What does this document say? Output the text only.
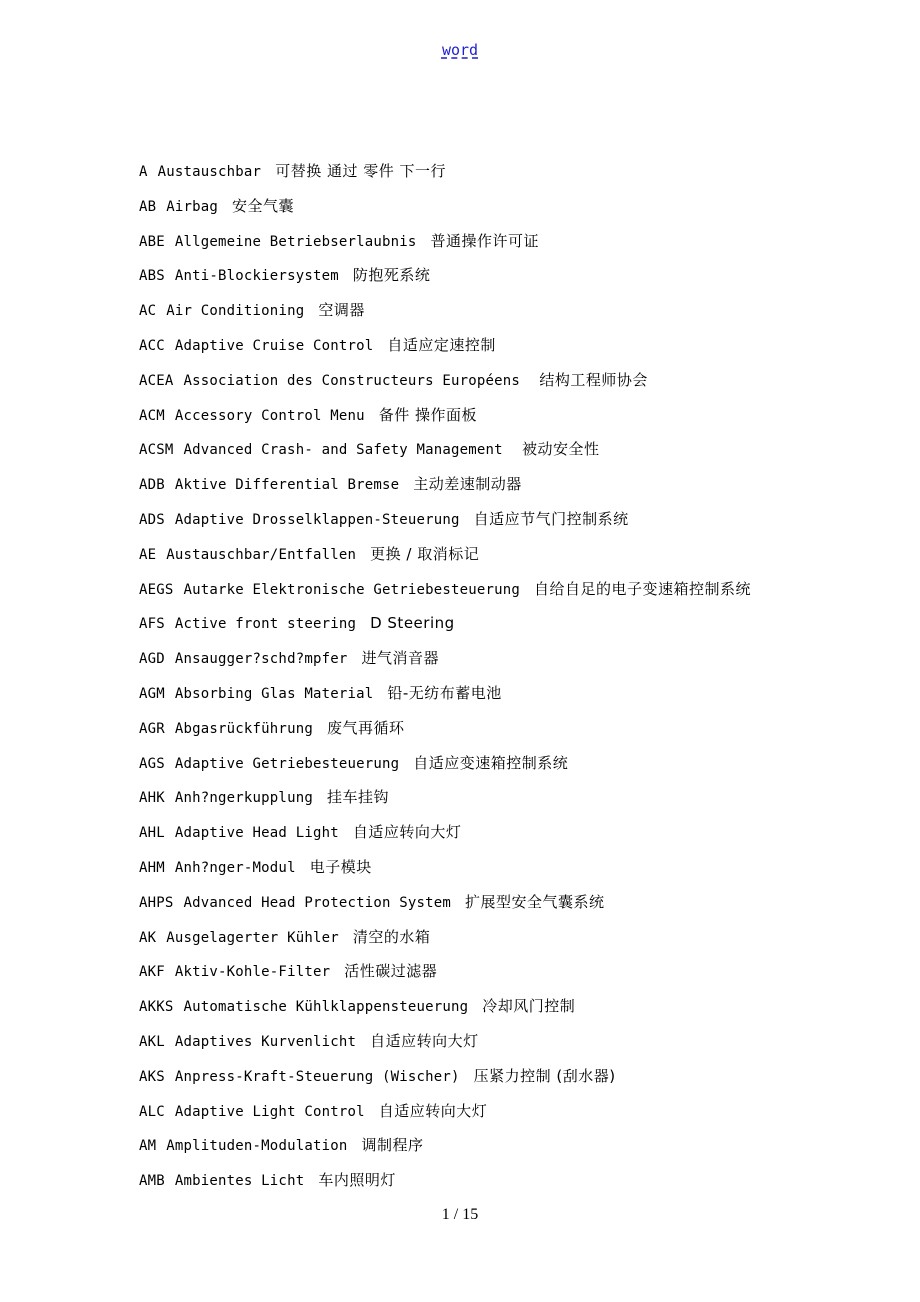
word
A Austauschbar 可替换 通过 零件 下一行
AB Airbag 安全气囊
ABE Allgemeine Betriebserlaubnis 普通操作许可证
ABS Anti-Blockiersystem 防抱死系统
AC Air Conditioning 空调器
ACC Adaptive Cruise Control 自适应定速控制
ACEA Association des Constructeurs Européens 结构工程师协会
ACM Accessory Control Menu 备件 操作面板
ACSM Advanced Crash- and Safety Management 被动安全性
ADB Aktive Differential Bremse 主动差速制动器
ADS Adaptive Drosselklappen-Steuerung 自适应节气门控制系统
AE Austauschbar/Entfallen 更换 / 取消标记
AEGS Autarke Elektronische Getriebesteuerung 自给自足的电子变速箱控制系统
AFS Active front steering D Steering
AGD Ansaugger?schd?mpfer 进气消音器
AGM Absorbing Glas Material 铅-无纺布蓄电池
AGR Abgasrückführung 废气再循环
AGS Adaptive Getriebesteuerung 自适应变速箱控制系统
AHK Anh?ngerkupplung 挂车挂钩
AHL Adaptive Head Light 自适应转向大灯
AHM Anh?nger-Modul 电子模块
AHPS Advanced Head Protection System 扩展型安全气囊系统
AK Ausgelagerter Kühler 清空的水箱
AKF Aktiv-Kohle-Filter 活性碳过滤器
AKKS Automatische Kühlklappensteuerung 冷却风门控制
AKL Adaptives Kurvenlicht 自适应转向大灯
AKS Anpress-Kraft-Steuerung (Wischer) 压紧力控制 (刮水器)
ALC Adaptive Light Control 自适应转向大灯
AM Amplituden-Modulation 调制程序
AMB Ambientes Licht 车内照明灯
1 / 15
